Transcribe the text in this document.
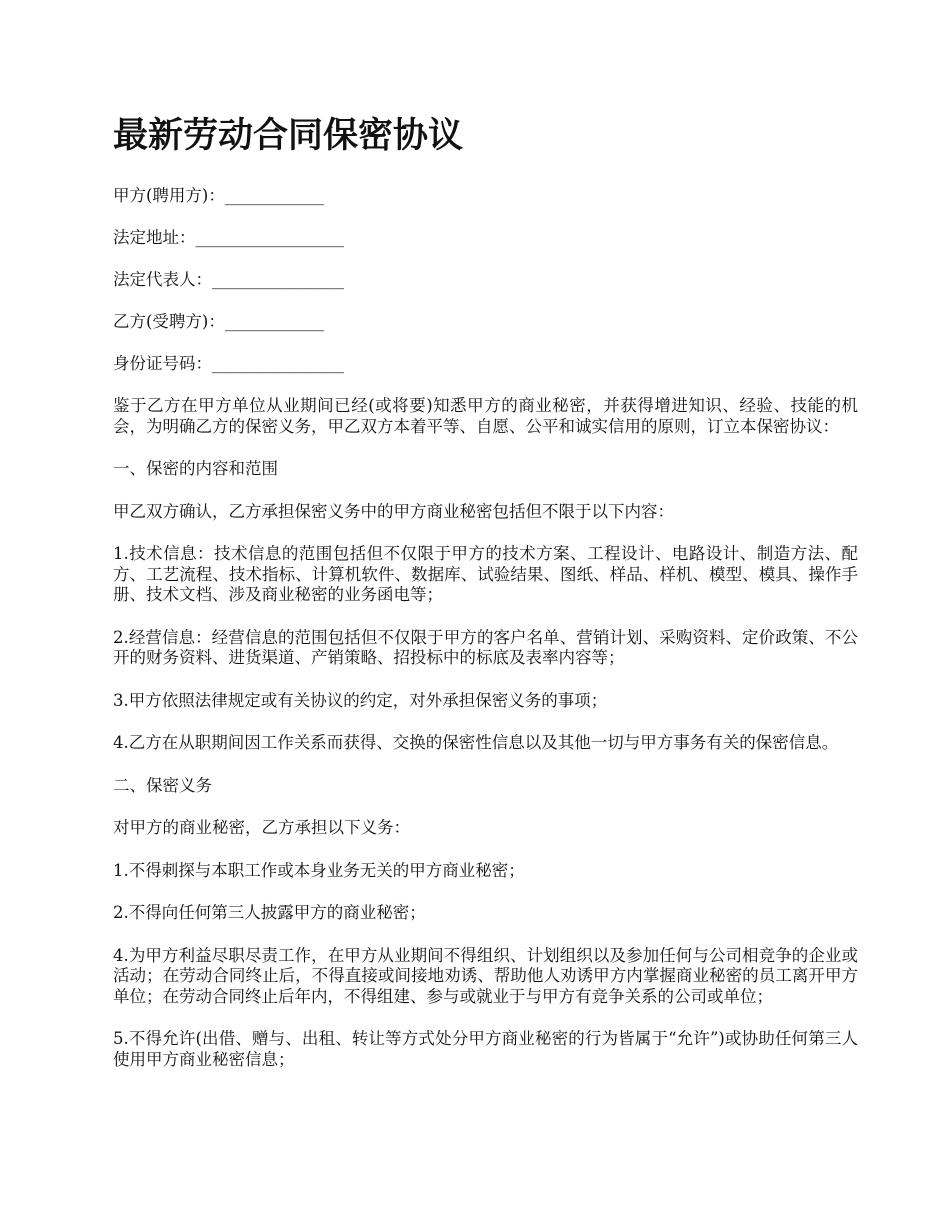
最新劳动合同保密协议
甲方(聘用方)：____________
法定地址：__________________
法定代表人：________________
乙方(受聘方)：____________
身份证号码：________________

鉴于乙方在甲方单位从业期间已经(或将要)知悉甲方的商业秘密，并获得增进知识、经验、技能的机会，为明确乙方的保密义务，甲乙双方本着平等、自愿、公平和诚实信用的原则，订立本保密协议：

一、保密的内容和范围

甲乙双方确认，乙方承担保密义务中的甲方商业秘密包括但不限于以下内容：

1.技术信息：技术信息的范围包括但不仅限于甲方的技术方案、工程设计、电路设计、制造方法、配方、工艺流程、技术指标、计算机软件、数据库、试验结果、图纸、样品、样机、模型、模具、操作手册、技术文档、涉及商业秘密的业务函电等；

2.经营信息：经营信息的范围包括但不仅限于甲方的客户名单、营销计划、采购资料、定价政策、不公开的财务资料、进货渠道、产销策略、招投标中的标底及表率内容等；

3.甲方依照法律规定或有关协议的约定，对外承担保密义务的事项；

4.乙方在从职期间因工作关系而获得、交换的保密性信息以及其他一切与甲方事务有关的保密信息。

二、保密义务

对甲方的商业秘密，乙方承担以下义务：

1.不得刺探与本职工作或本身业务无关的甲方商业秘密；

2.不得向任何第三人披露甲方的商业秘密；

4.为甲方利益尽职尽责工作，在甲方从业期间不得组织、计划组织以及参加任何与公司相竞争的企业或活动；在劳动合同终止后，不得直接或间接地劝诱、帮助他人劝诱甲方内掌握商业秘密的员工离开甲方单位；在劳动合同终止后年内，不得组建、参与或就业于与甲方有竞争关系的公司或单位；

5.不得允许(出借、赠与、出租、转让等方式处分甲方商业秘密的行为皆属于“允许”)或协助任何第三人使用甲方商业秘密信息；
